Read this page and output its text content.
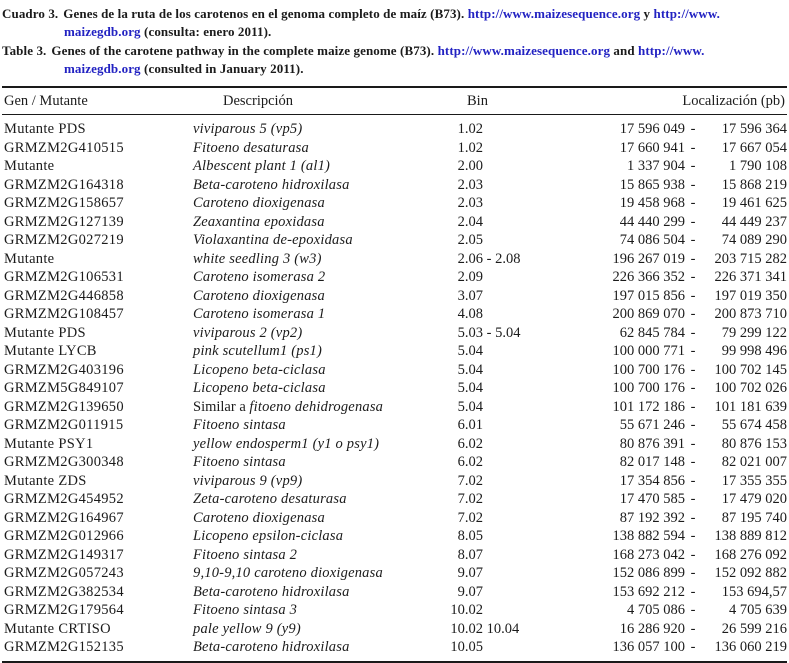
Cuadro 3. Genes de la ruta de los carotenos en el genoma completo de maíz (B73). http://www.maizesequence.org y http://www.
maizegdb.org (consulta: enero 2011).
Table 3. Genes of the carotene pathway in the complete maize genome (B73). http://www.maizesequence.org and http://www.
maizegdb.org (consulted in January 2011).
Gen / Mutante	Descripción	Bin	Localización (pb)
Mutante PDS	viviparous 5 (vp5)	1.02	17 596 049 - 17 596 364

GRMZM2G410515	Fitoeno desaturasa	1.02	17 660 941 - 17 667 054

Mutante	Albescent plant 1 (al1)	2.00	1 337 904 - 1 790 108

GRMZM2G164318	Beta-caroteno hidroxilasa	2.03	15 865 938 - 15 868 219

GRMZM2G158657	Caroteno dioxigenasa	2.03	19 458 968 - 19 461 625

GRMZM2G127139	Zeaxantina epoxidasa	2.04	44 440 299 - 44 449 237

GRMZM2G027219	Violaxantina de-epoxidasa	2.05	74 086 504 - 74 089 290

Mutante	white seedling 3 (w3)	2.06 - 2.08	196 267 019 - 203 715 282

GRMZM2G106531	Caroteno isomerasa 2	2.09	226 366 352 - 226 371 341

GRMZM2G446858	Caroteno dioxigenasa	3.07	197 015 856 - 197 019 350

GRMZM2G108457	Caroteno isomerasa 1	4.08	200 869 070 - 200 873 710

Mutante PDS	viviparous 2 (vp2)	5.03 - 5.04	62 845 784 - 79 299 122

Mutante LYCB	pink scutellum1 (ps1)	5.04	100 000 771 - 99 998 496

GRMZM2G403196	Licopeno beta-ciclasa	5.04	100 700 176 - 100 702 145

GRMZM5G849107	Licopeno beta-ciclasa	5.04	100 700 176 - 100 702 026

GRMZM2G139650	Similar a fitoeno dehidrogenasa	5.04	101 172 186 - 101 181 639

GRMZM2G011915	Fitoeno sintasa	6.01	55 671 246 - 55 674 458

Mutante PSY1	yellow endosperm1 (y1 o psy1)	6.02	80 876 391 - 80 876 153

GRMZM2G300348	Fitoeno sintasa	6.02	82 017 148 - 82 021 007

Mutante ZDS	viviparous 9 (vp9)	7.02	17 354 856 - 17 355 355

GRMZM2G454952	Zeta-caroteno desaturasa	7.02	17 470 585 - 17 479 020

GRMZM2G164967	Caroteno dioxigenasa	7.02	87 192 392 - 87 195 740

GRMZM2G012966	Licopeno epsilon-ciclasa	8.05	138 882 594 - 138 889 812

GRMZM2G149317	Fitoeno sintasa 2	8.07	168 273 042 - 168 276 092

GRMZM2G057243	9,10-9,10 caroteno dioxigenasa	9.07	152 086 899 - 152 092 882

GRMZM2G382534	Beta-caroteno hidroxilasa	9.07	153 692 212 - 153 694,57

GRMZM2G179564	Fitoeno sintasa 3	10.02	4 705 086 - 4 705 639

Mutante CRTISO	pale yellow 9 (y9)	10.02 10.04	16 286 920 - 26 599 216

GRMZM2G152135	Beta-caroteno hidroxilasa	10.05	136 057 100 - 136 060 219
